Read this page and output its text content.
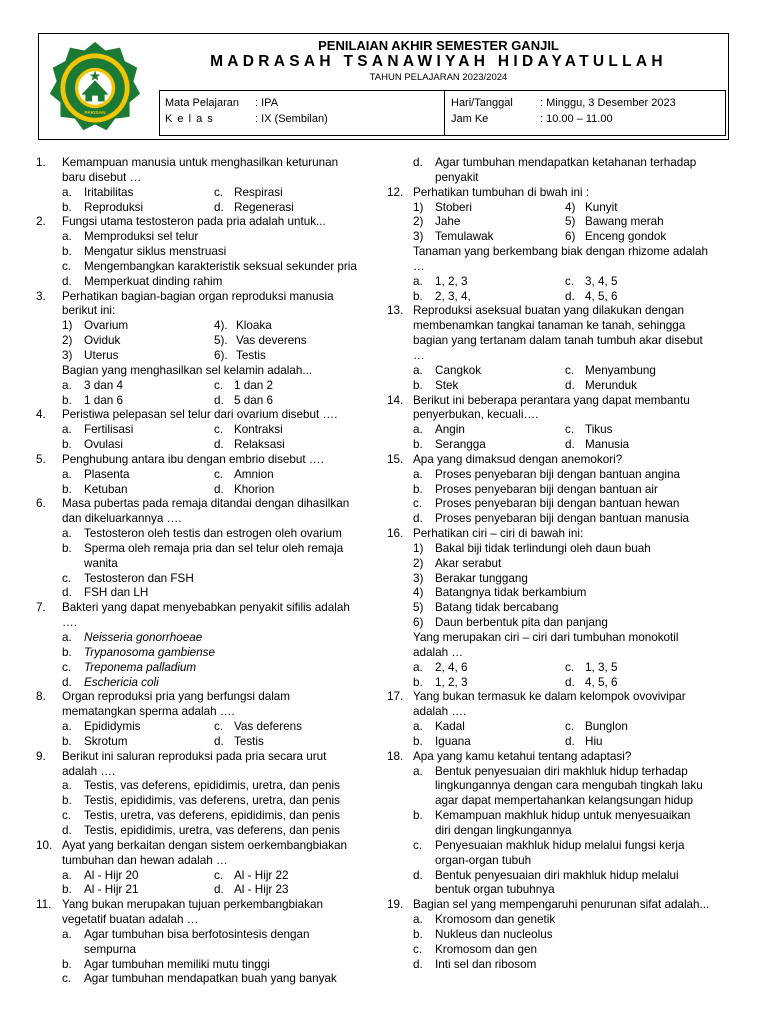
PAKISAN
PENILAIAN AKHIR SEMESTER GANJIL
MADRASAH TSANAWIYAH HIDAYATULLAH
TAHUN PELAJARAN 2023/2024
Mata Pelajaran : IPA
K e l a s	: IX (Sembilan)
Hari/Tanggal : Minggu, 3 Desember 2023
Jam Ke	: 10.00 – 11.00
1. Kemampuan manusia untuk menghasilkan keturunan
baru disebut …
a. Iritabilitas	c. Respirasi
b. Reproduksi	d. Regenerasi
2. Fungsi utama testosteron pada pria adalah untuk...
a. Memproduksi sel telur
b. Mengatur siklus menstruasi
c. Mengembangkan karakteristik seksual sekunder pria
d. Memperkuat dinding rahim
3. Perhatikan bagian-bagian organ reproduksi manusia
berikut ini:
1) Ovarium	4). Kloaka
2) Oviduk	5). Vas deverens
3) Uterus	6). Testis
Bagian yang menghasilkan sel kelamin adalah...
a. 3 dan 4	c. 1 dan 2
b. 1 dan 6	d. 5 dan 6
4. Peristiwa pelepasan sel telur dari ovarium disebut ….
a. Fertilisasi	c. Kontraksi
b. Ovulasi	d. Relaksasi
5. Penghubung antara ibu dengan embrio disebut ….
a. Plasenta	c. Amnion
b. Ketuban	d. Khorion
6. Masa pubertas pada remaja ditandai dengan dihasilkan
dan dikeluarkannya ….
a. Testosteron oleh testis dan estrogen oleh ovarium
b. Sperma oleh remaja pria dan sel telur oleh remaja
wanita
c. Testosteron dan FSH
d. FSH dan LH
7. Bakteri yang dapat menyebabkan penyakit sifilis adalah
….
a. Neisseria gonorrhoeae
b. Trypanosoma gambiense
c. Treponema palladium
d. Eschericia coli
8. Organ reproduksi pria yang berfungsi dalam
mematangkan sperma adalah ….
a. Epididymis	c. Vas deferens
b. Skrotum	d. Testis
9. Berikut ini saluran reproduksi pada pria secara urut
adalah ….
a. Testis, vas deferens, epididimis, uretra, dan penis
b. Testis, epididimis, vas deferens, uretra, dan penis
c. Testis, uretra, vas deferens, epididimis, dan penis
d. Testis, epididimis, uretra, vas deferens, dan penis
10. Ayat yang berkaitan dengan sistem oerkembangbiakan
tumbuhan dan hewan adalah …
a. Al - Hijr 20	c. Al - Hijr 22
b. Al - Hijr 21	d. Al - Hijr 23
11. Yang bukan merupakan tujuan perkembangbiakan
vegetatif buatan adalah …
a. Agar tumbuhan bisa berfotosintesis dengan
sempurna
b. Agar tumbuhan memiliki mutu tinggi
c. Agar tumbuhan mendapatkan buah yang banyak
d. Agar tumbuhan mendapatkan ketahanan terhadap
penyakit
12. Perhatikan tumbuhan di bwah ini :
1) Stoberi	4) Kunyit
2) Jahe	5) Bawang merah
3) Temulawak	6) Enceng gondok
Tanaman yang berkembang biak dengan rhizome adalah
…
a. 1, 2, 3	c. 3, 4, 5
b. 2, 3, 4,	d. 4, 5, 6
13. Reproduksi aseksual buatan yang dilakukan dengan
membenamkan tangkai tanaman ke tanah, sehingga
bagian yang tertanam dalam tanah tumbuh akar disebut
…
a. Cangkok	c. Menyambung
b. Stek	d. Merunduk
14. Berikut ini beberapa perantara yang dapat membantu
penyerbukan, kecuali….
a. Angin	c. Tikus
b. Serangga	d. Manusia
15. Apa yang dimaksud dengan anemokori?
a. Proses penyebaran biji dengan bantuan angina
b. Proses penyebaran biji dengan bantuan air
c. Proses penyebaran biji dengan bantuan hewan
d. Proses penyebaran biji dengan bantuan manusia
16. Perhatikan ciri – ciri di bawah ini:
1) Bakal biji tidak terlindungi oleh daun buah
2) Akar serabut
3) Berakar tunggang
4) Batangnya tidak berkambium
5) Batang tidak bercabang
6) Daun berbentuk pita dan panjang
Yang merupakan ciri – ciri dari tumbuhan monokotil
adalah …
a. 2, 4, 6	c. 1, 3, 5
b. 1, 2, 3	d. 4, 5, 6
17. Yang bukan termasuk ke dalam kelompok ovovivipar
adalah ….
a. Kadal	c. Bunglon
b. Iguana	d. Hiu
18. Apa yang kamu ketahui tentang adaptasi?
a. Bentuk penyesuaian diri makhluk hidup terhadap
lingkungannya dengan cara mengubah tingkah laku
agar dapat mempertahankan kelangsungan hidup
b. Kemampuan makhluk hidup untuk menyesuaikan
diri dengan lingkungannya
c. Penyesuaian makhluk hidup melalui fungsi kerja
organ-organ tubuh
d. Bentuk penyesuaian diri makhluk hidup melalui
bentuk organ tubuhnya
19. Bagian sel yang mempengaruhi penurunan sifat adalah...
a. Kromosom dan genetik
b. Nukleus dan nucleolus
c. Kromosom dan gen
d. Inti sel dan ribosom
